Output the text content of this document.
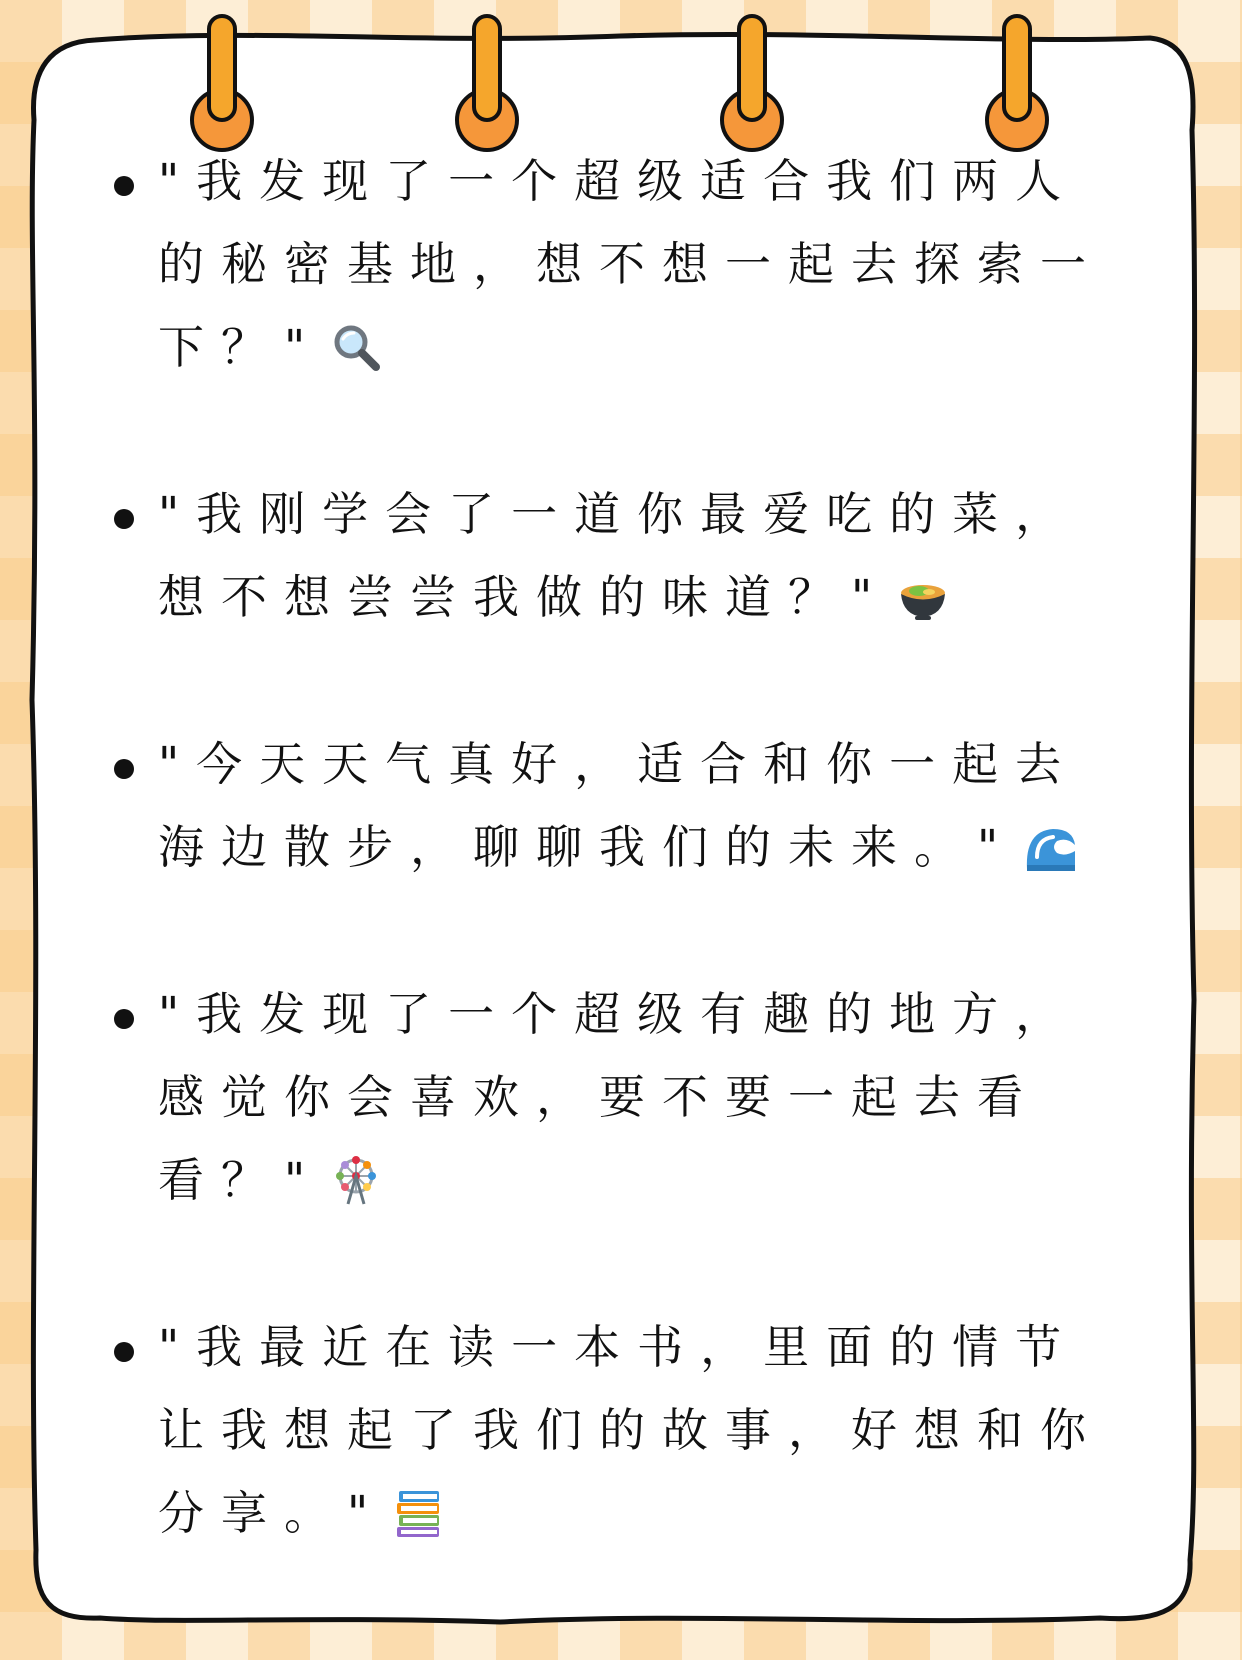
"我发现了一个超级适合我们两人的秘密基地，想不想一起去探索一下？"
"我刚学会了一道你最爱吃的菜，想不想尝尝我做的味道？"
"今天天气真好，适合和你一起去海边散步，聊聊我们的未来。"
"我发现了一个超级有趣的地方，感觉你会喜欢，要不要一起去看看？"
"我最近在读一本书，里面的情节让我想起了我们的故事，好想和你分享。"
